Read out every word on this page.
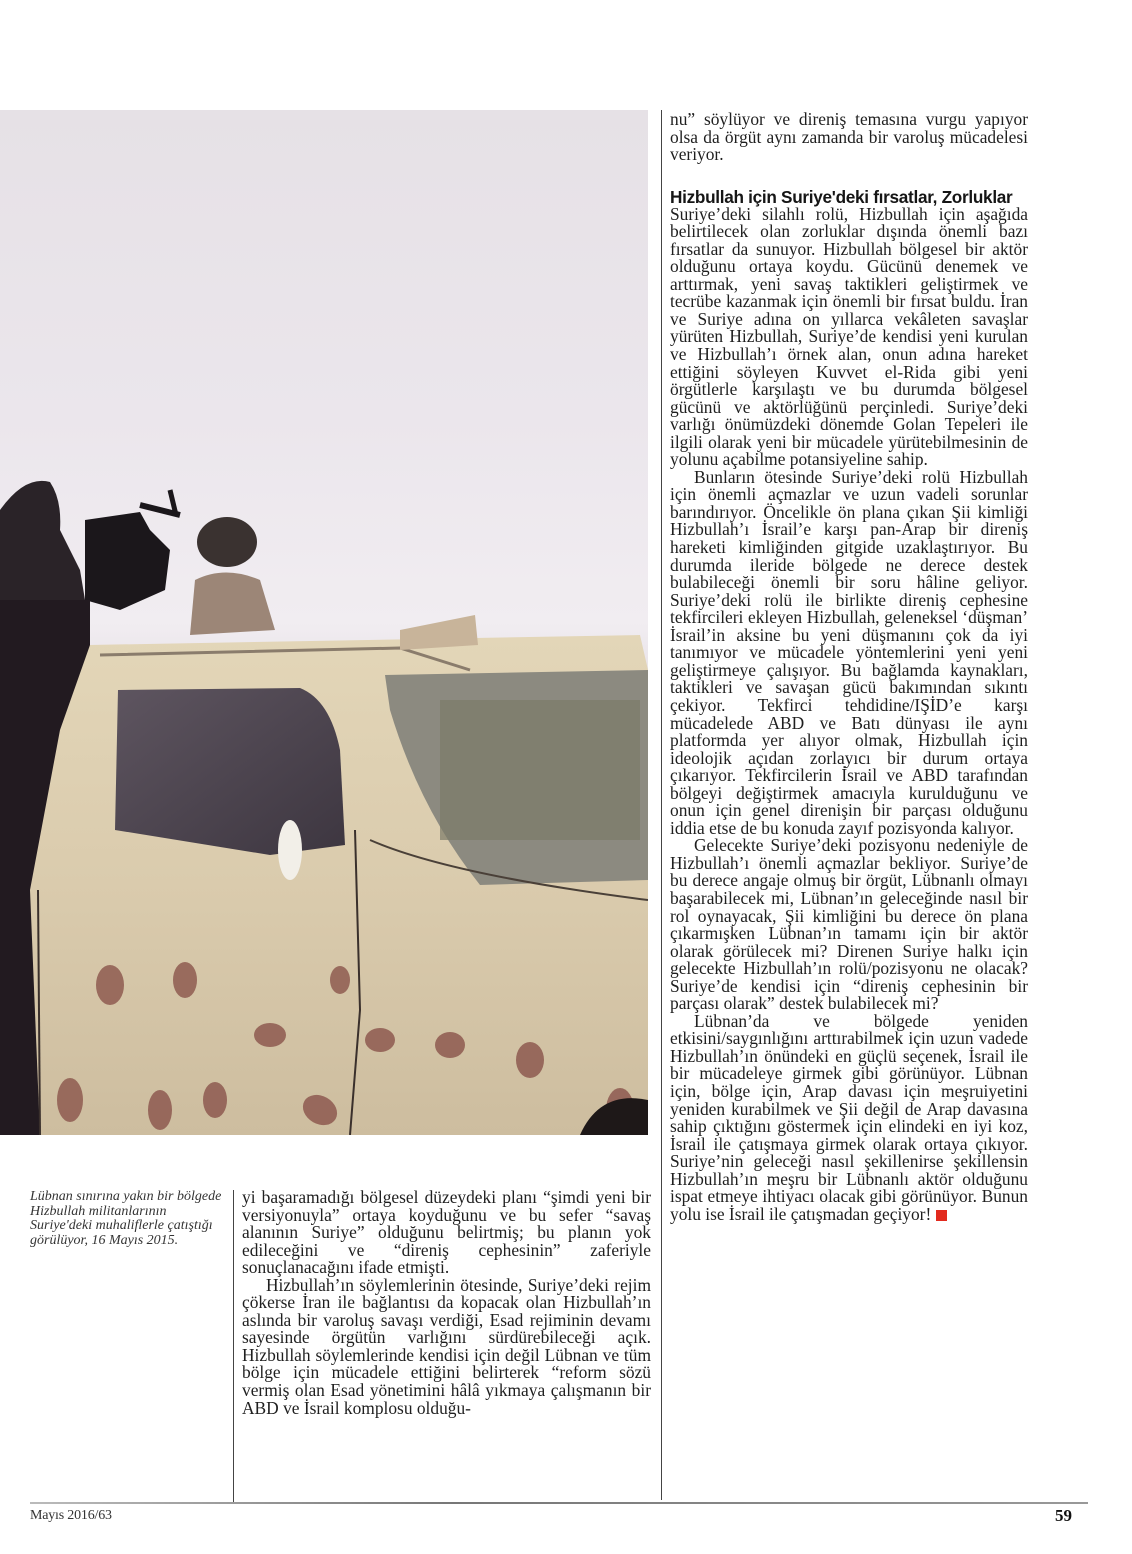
Lübnan sınırına yakın bir bölgede Hizbullah militanlarının Suriye'deki muhaliflerle çatıştığı görülüyor, 16 Mayıs 2015.

yi başaramadığı bölgesel düzeydeki planı “şimdi yeni bir versiyonuyla” ortaya koyduğunu ve bu sefer “savaş alanının Suriye” olduğunu belirtmiş; bu planın yok edileceğini ve “direniş cephesinin” zaferiyle sonuçlanacağını ifade etmişti.

Hizbullah’ın söylemlerinin ötesinde, Suriye’deki rejim çökerse İran ile bağlantısı da kopacak olan Hizbullah’ın aslında bir varoluş savaşı verdiği, Esad rejiminin devamı sayesinde örgütün varlığını sürdürebileceği açık. Hizbullah söylemlerinde kendisi için değil Lübnan ve tüm bölge için mücadele ettiğini belirterek “reform sözü vermiş olan Esad yönetimini hâlâ yıkmaya çalışmanın bir ABD ve İsrail komplosu olduğu-

nu” söylüyor ve direniş temasına vurgu yapıyor olsa da örgüt aynı zamanda bir varoluş mücadelesi veriyor.

Hizbullah için Suriye'deki fırsatlar, Zorluklar

Suriye’deki silahlı rolü, Hizbullah için aşağıda belirtilecek olan zorluklar dışında önemli bazı fırsatlar da sunuyor. Hizbullah bölgesel bir aktör olduğunu ortaya koydu. Gücünü denemek ve arttırmak, yeni savaş taktikleri geliştirmek ve tecrübe kazanmak için önemli bir fırsat buldu. İran ve Suriye adına on yıllarca vekâleten savaşlar yürüten Hizbullah, Suriye’de kendisi yeni kurulan ve Hizbullah’ı örnek alan, onun adına hareket ettiğini söyleyen Kuvvet el-Rida gibi yeni örgütlerle karşılaştı ve bu durumda bölgesel gücünü ve aktörlüğünü perçinledi. Suriye’deki varlığı önümüzdeki dönemde Golan Tepeleri ile ilgili olarak yeni bir mücadele yürütebilmesinin de yolunu açabilme potansiyeline sahip.

Bunların ötesinde Suriye’deki rolü Hizbullah için önemli açmazlar ve uzun vadeli sorunlar barındırıyor. Öncelikle ön plana çıkan Şii kimliği Hizbullah’ı İsrail’e karşı pan-Arap bir direniş hareketi kimliğinden gitgide uzaklaştırıyor. Bu durumda ileride bölgede ne derece destek bulabileceği önemli bir soru hâline geliyor. Suriye’deki rolü ile birlikte direniş cephesine tekfircileri ekleyen Hizbullah, geleneksel ‘düşman’ İsrail’in aksine bu yeni düşmanını çok da iyi tanımıyor ve mücadele yöntemlerini yeni yeni geliştirmeye çalışıyor. Bu bağlamda kaynakları, taktikleri ve savaşan gücü bakımından sıkıntı çekiyor. Tekfirci tehdidine/IŞİD’e karşı mücadelede ABD ve Batı dünyası ile aynı platformda yer alıyor olmak, Hizbullah için ideolojik açıdan zorlayıcı bir durum ortaya çıkarıyor. Tekfircilerin İsrail ve ABD tarafından bölgeyi değiştirmek amacıyla kurulduğunu ve onun için genel direnişin bir parçası olduğunu iddia etse de bu konuda zayıf pozisyonda kalıyor.

Gelecekte Suriye’deki pozisyonu nedeniyle de Hizbullah’ı önemli açmazlar bekliyor. Suriye’de bu derece angaje olmuş bir örgüt, Lübnanlı olmayı başarabilecek mi, Lübnan’ın geleceğinde nasıl bir rol oynayacak, Şii kimliğini bu derece ön plana çıkarmışken Lübnan’ın tamamı için bir aktör olarak görülecek mi? Direnen Suriye halkı için gelecekte Hizbullah’ın rolü/pozisyonu ne olacak? Suriye’de kendisi için “direniş cephesinin bir parçası olarak” destek bulabilecek mi?

Lübnan’da ve bölgede yeniden etkisini/saygınlığını arttırabilmek için uzun vadede Hizbullah’ın önündeki en güçlü seçenek, İsrail ile bir mücadeleye girmek gibi görünüyor. Lübnan için, bölge için, Arap davası için meşruiyetini yeniden kurabilmek ve Şii değil de Arap davasına sahip çıktığını göstermek için elindeki en iyi koz, İsrail ile çatışmaya girmek olarak ortaya çıkıyor. Suriye’nin geleceği nasıl şekillenirse şekillensin Hizbullah’ın meşru bir Lübnanlı aktör olduğunu ispat etmeye ihtiyacı olacak gibi görünüyor. Bunun yolu ise İsrail ile çatışmadan geçiyor!

Mayıs 2016/63	59
